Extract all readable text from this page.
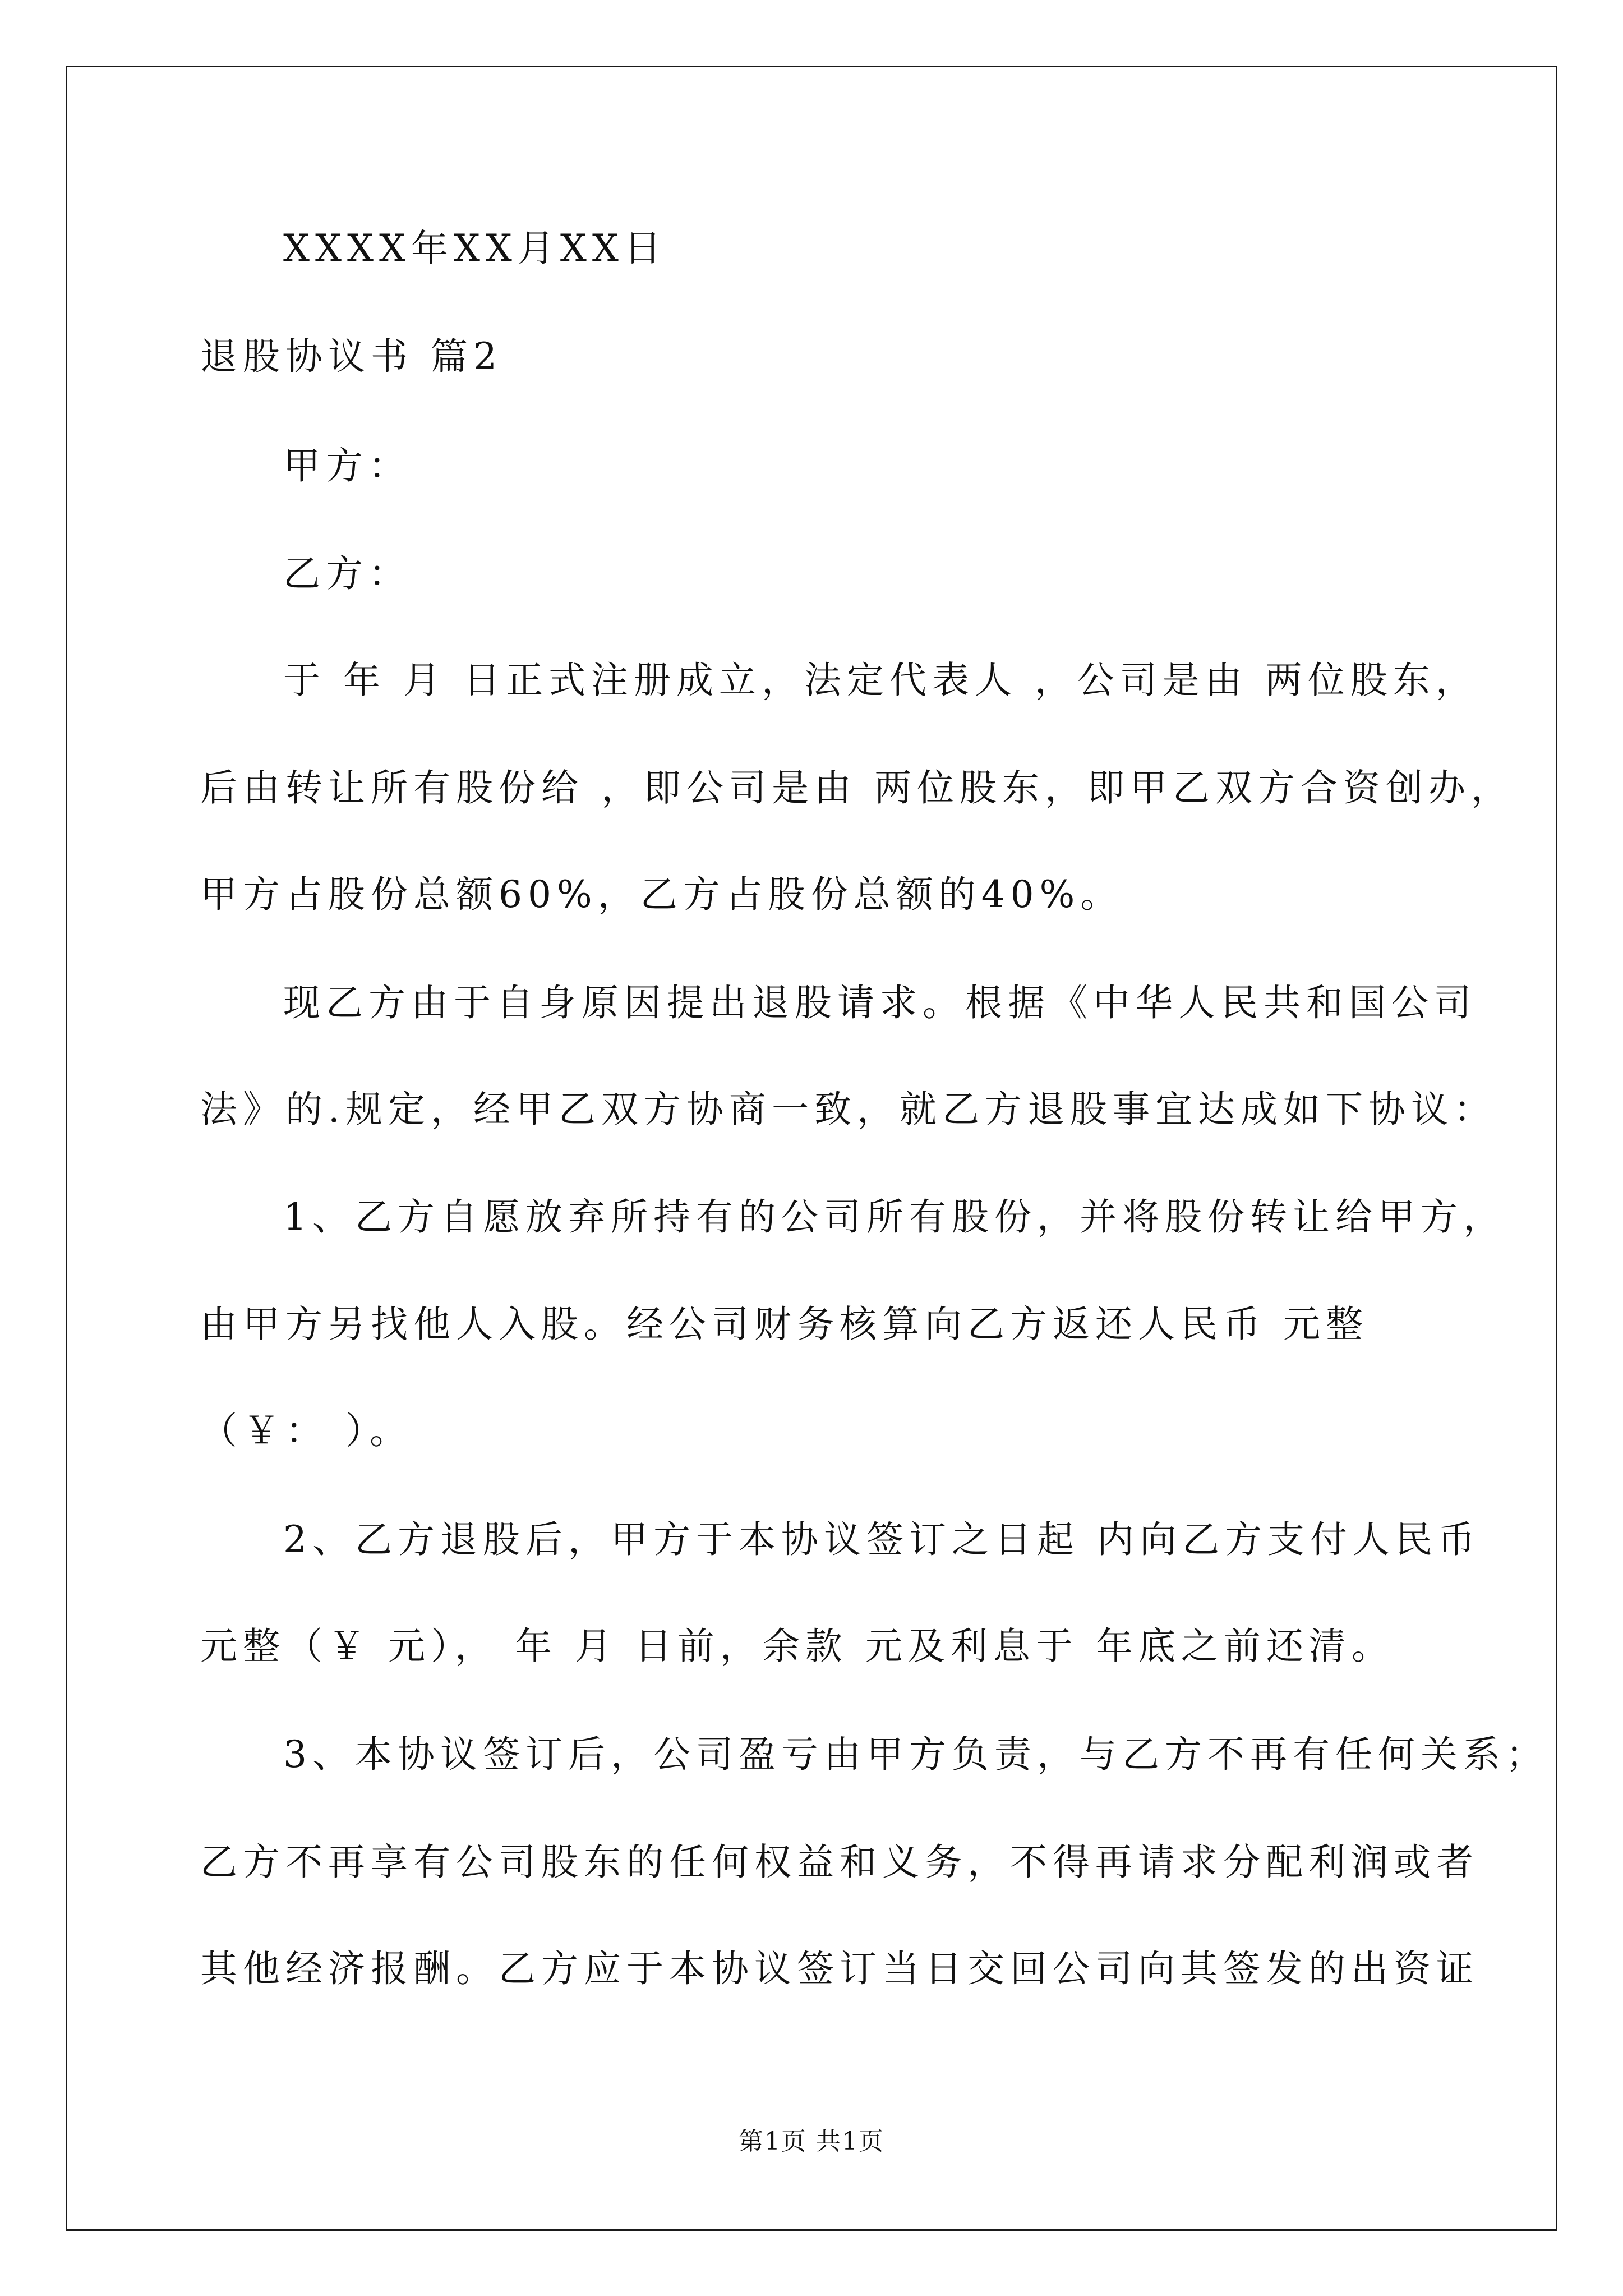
XXXX年XX月XX日
退股协议书 篇2
甲方：
乙方：
于 年 月 日正式注册成立，法定代表人 ，公司是由 两位股东，
后由转让所有股份给 ，即公司是由 两位股东，即甲乙双方合资创办，
甲方占股份总额60%，乙方占股份总额的40%。
现乙方由于自身原因提出退股请求。根据《中华人民共和国公司
法》的.规定，经甲乙双方协商一致，就乙方退股事宜达成如下协议：
1、乙方自愿放弃所持有的公司所有股份，并将股份转让给甲方，
由甲方另找他人入股。经公司财务核算向乙方返还人民币 元整
（￥： ）。
2、乙方退股后，甲方于本协议签订之日起 内向乙方支付人民币
元整（￥ 元）， 年 月 日前，余款 元及利息于 年底之前还清。
3、本协议签订后，公司盈亏由甲方负责，与乙方不再有任何关系；
乙方不再享有公司股东的任何权益和义务，不得再请求分配利润或者
其他经济报酬。乙方应于本协议签订当日交回公司向其签发的出资证
第1页 共1页
